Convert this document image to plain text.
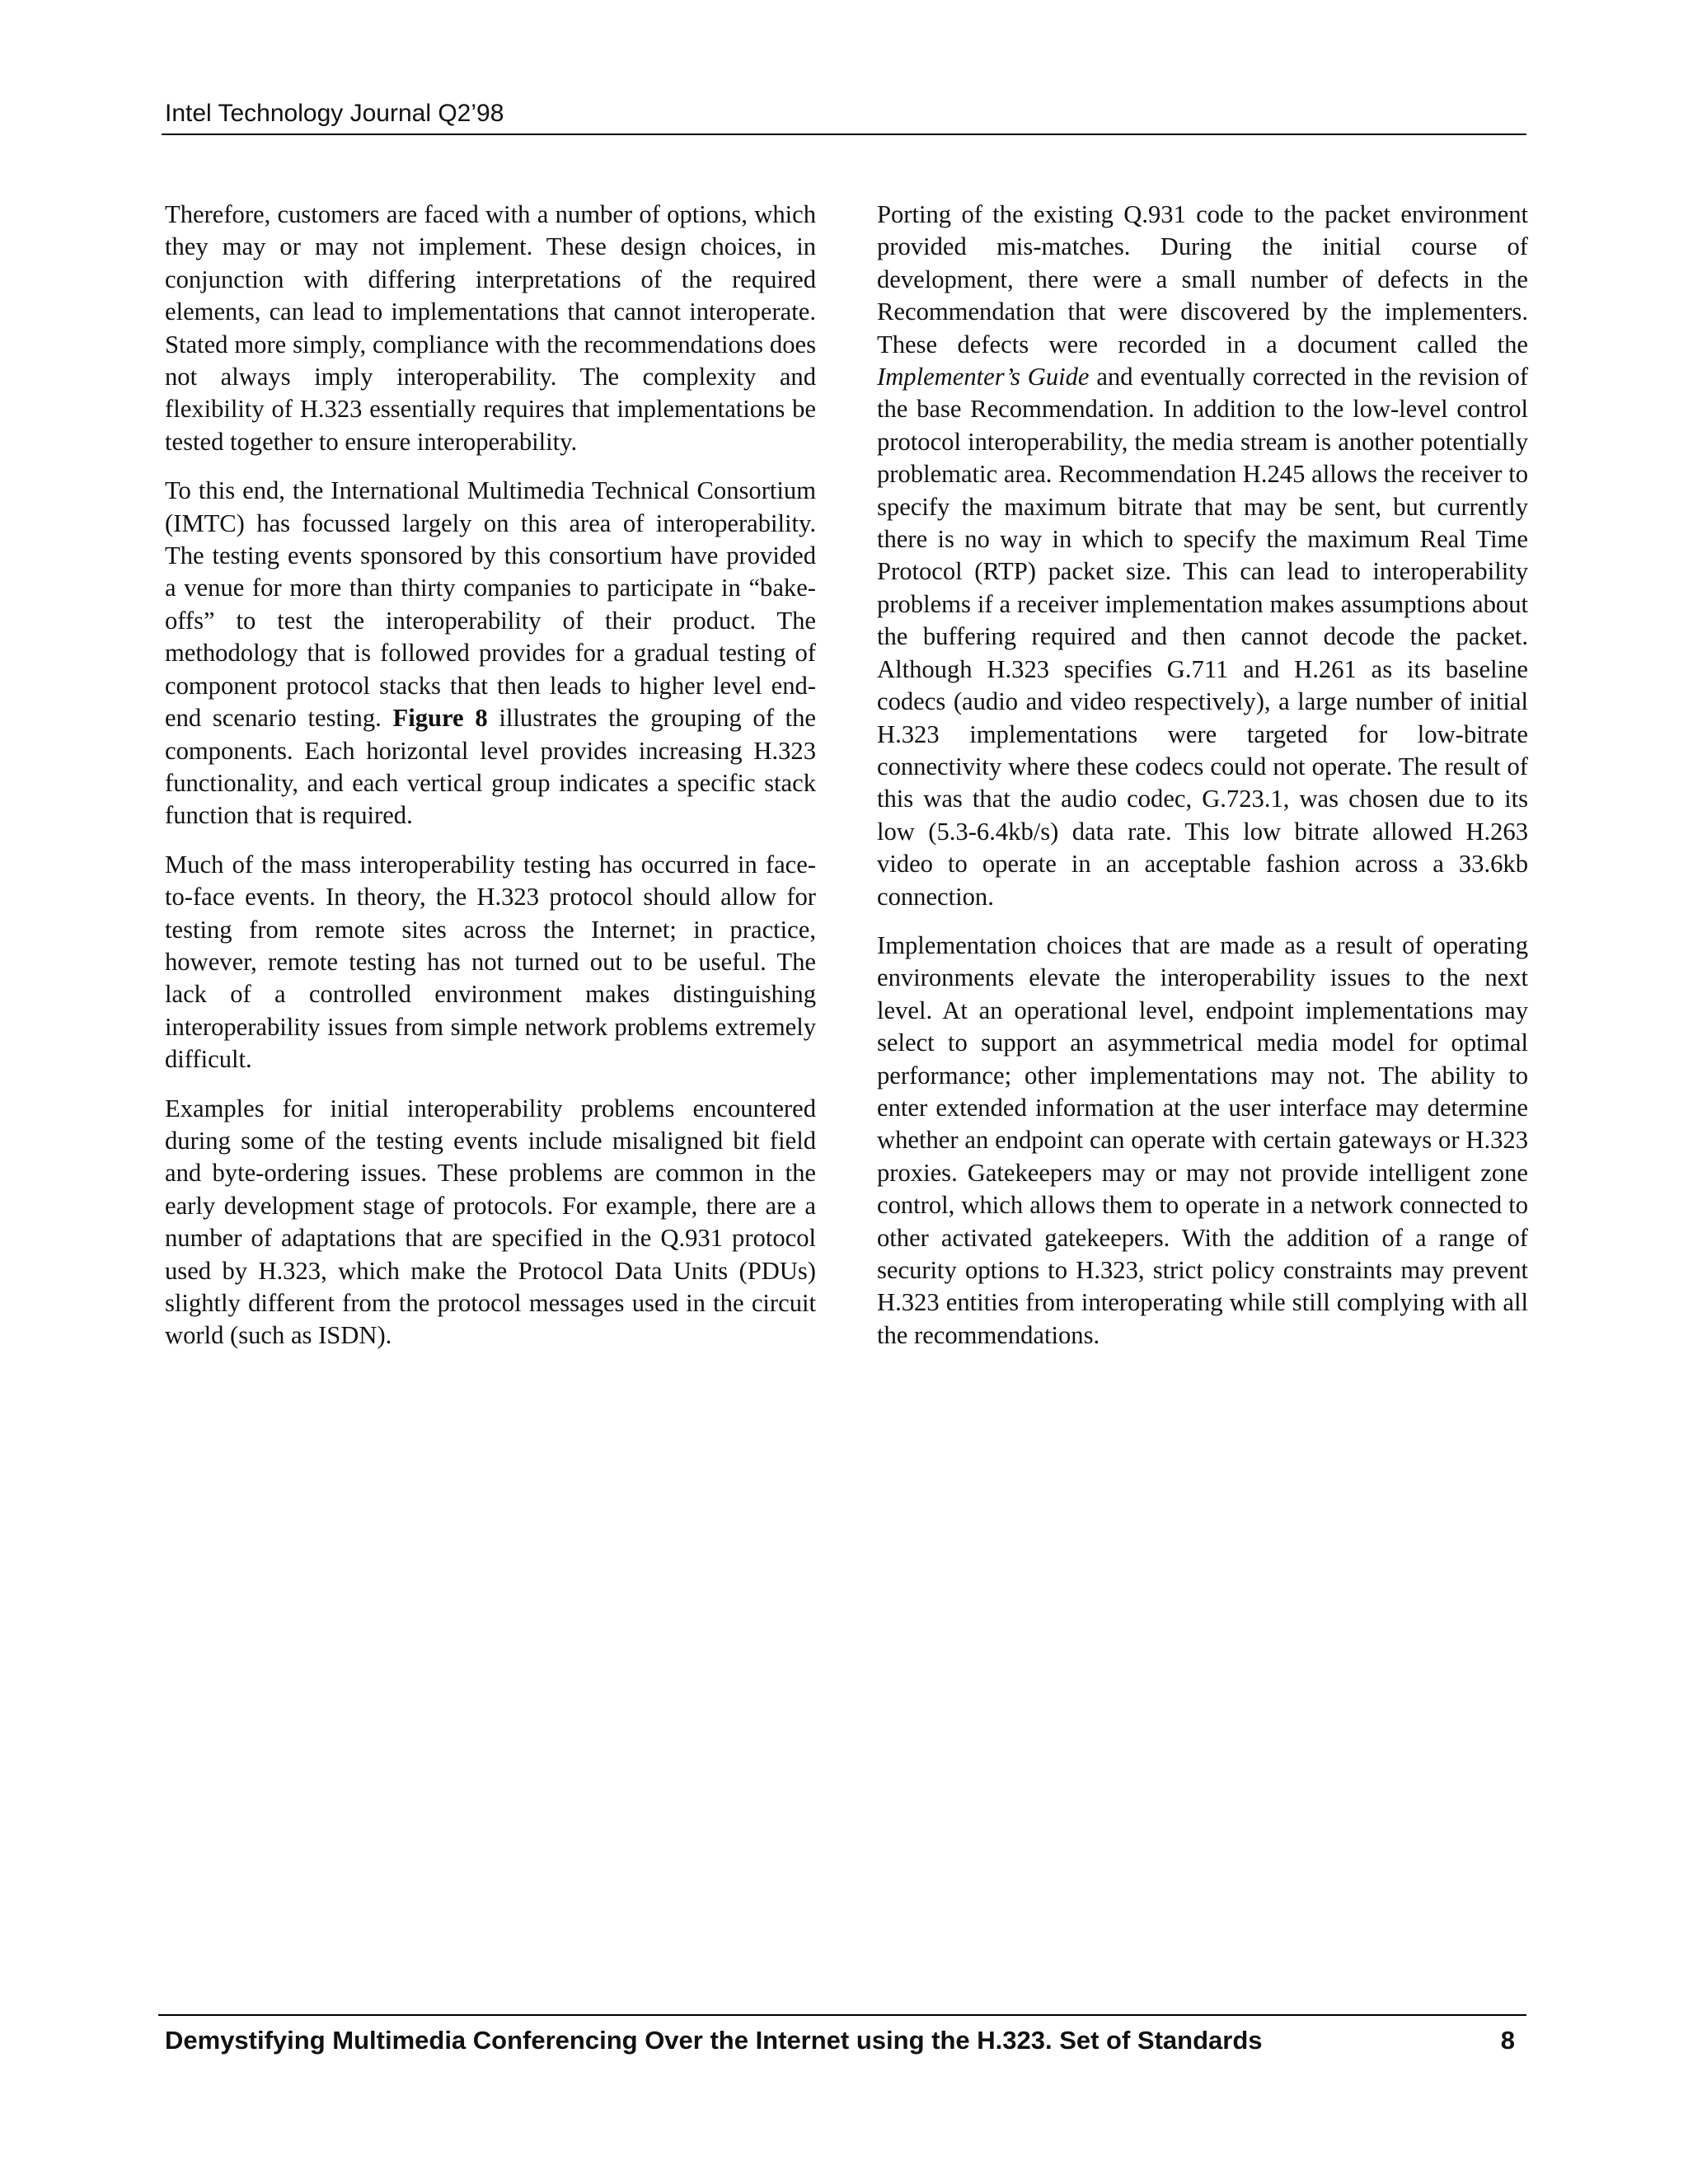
Intel Technology Journal Q2’98

Therefore, customers are faced with a number of options, which they may or may not implement. These design choices, in conjunction with differing interpretations of the required elements, can lead to implementations that cannot interoperate. Stated more simply, compliance with the recommendations does not always imply interoperability. The complexity and flexibility of H.323 essentially requires that implementations be tested together to ensure interoperability.

To this end, the International Multimedia Technical Consortium (IMTC) has focussed largely on this area of interoperability. The testing events sponsored by this consortium have provided a venue for more than thirty companies to participate in “bake-offs” to test the interoperability of their product. The methodology that is followed provides for a gradual testing of component protocol stacks that then leads to higher level end-end scenario testing. Figure 8 illustrates the grouping of the components. Each horizontal level provides increasing H.323 functionality, and each vertical group indicates a specific stack function that is required.

Much of the mass interoperability testing has occurred in face-to-face events. In theory, the H.323 protocol should allow for testing from remote sites across the Internet; in practice, however, remote testing has not turned out to be useful. The lack of a controlled environment makes distinguishing interoperability issues from simple network problems extremely difficult.

Examples for initial interoperability problems encountered during some of the testing events include misaligned bit field and byte-ordering issues. These problems are common in the early development stage of protocols. For example, there are a number of adaptations that are specified in the Q.931 protocol used by H.323, which make the Protocol Data Units (PDUs) slightly different from the protocol messages used in the circuit world (such as ISDN).

Porting of the existing Q.931 code to the packet environment provided mis-matches. During the initial course of development, there were a small number of defects in the Recommendation that were discovered by the implementers. These defects were recorded in a document called the Implementer’s Guide and eventually corrected in the revision of the base Recommendation. In addition to the low-level control protocol interoperability, the media stream is another potentially problematic area. Recommendation H.245 allows the receiver to specify the maximum bitrate that may be sent, but currently there is no way in which to specify the maximum Real Time Protocol (RTP) packet size. This can lead to interoperability problems if a receiver implementation makes assumptions about the buffering required and then cannot decode the packet. Although H.323 specifies G.711 and H.261 as its baseline codecs (audio and video respectively), a large number of initial H.323 implementations were targeted for low-bitrate connectivity where these codecs could not operate. The result of this was that the audio codec, G.723.1, was chosen due to its low (5.3-6.4kb/s) data rate. This low bitrate allowed H.263 video to operate in an acceptable fashion across a 33.6kb connection.

Implementation choices that are made as a result of operating environments elevate the interoperability issues to the next level. At an operational level, endpoint implementations may select to support an asymmetrical media model for optimal performance; other implementations may not. The ability to enter extended information at the user interface may determine whether an endpoint can operate with certain gateways or H.323 proxies. Gatekeepers may or may not provide intelligent zone control, which allows them to operate in a network connected to other activated gatekeepers. With the addition of a range of security options to H.323, strict policy constraints may prevent H.323 entities from interoperating while still complying with all the recommendations.

Demystifying Multimedia Conferencing Over the Internet using the H.323. Set of Standards	8
